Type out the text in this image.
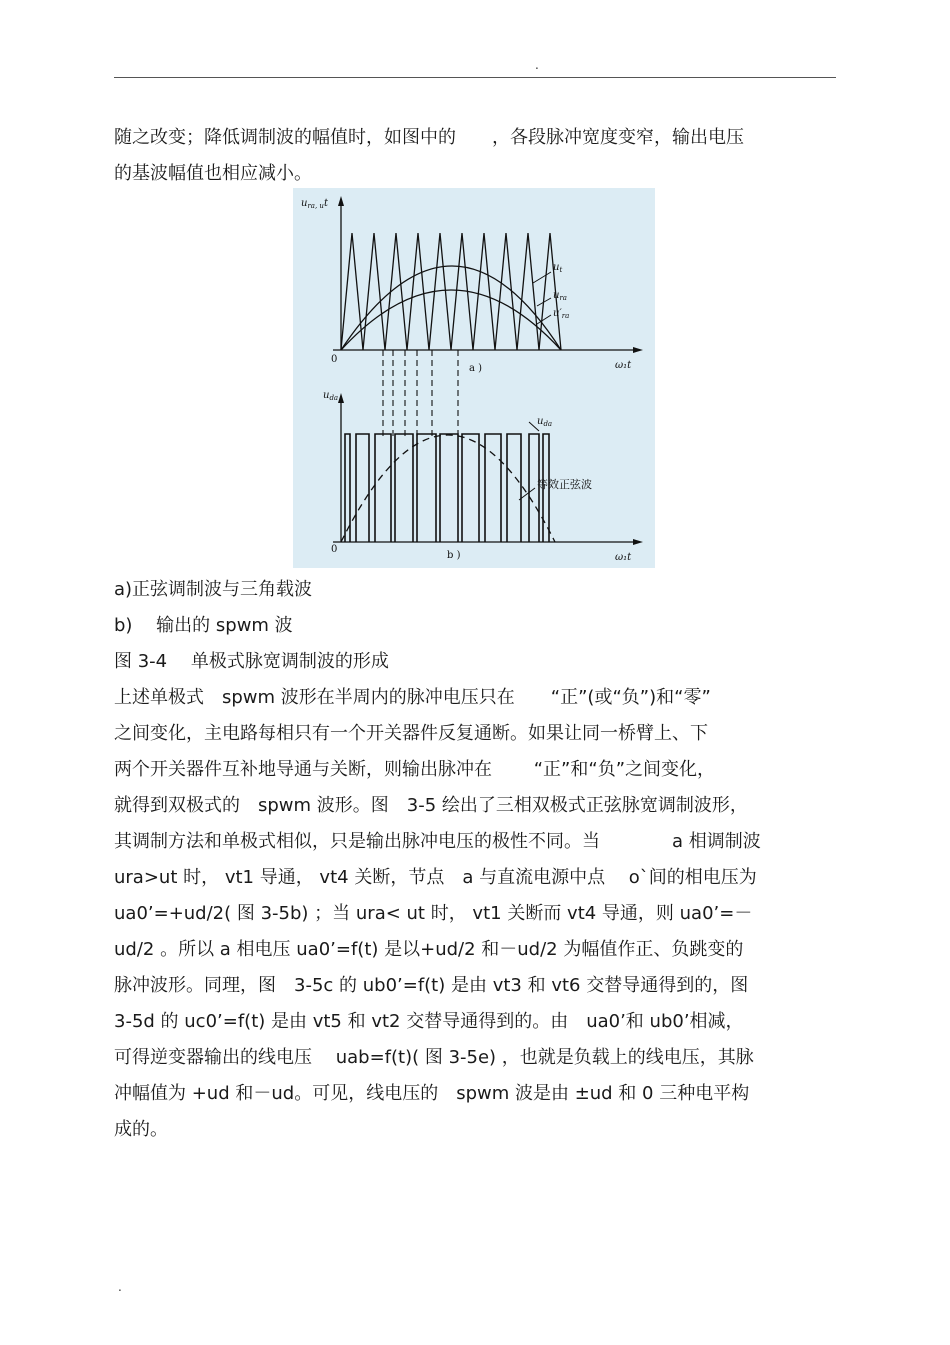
.
随之改变；降低调制波的幅值时，如图中的　　，各段脉冲宽度变窄，输出电压
的基波幅值也相应减小。
$u_{ra, u}t$
$u_t$
$u_{ra}$
$u'_{ra}$
0
ω₁t
a )
$u_{da}$
$u_{da}$
等效正弦波
0
ω₁t
b )
a)正弦调制波与三角载波
b)　 输出的 spwm 波
图 3-4　 单极式脉宽调制波的形成
上述单极式　spwm 波形在半周内的脉冲电压只在　　“正”(或“负”)和“零”
之间变化，主电路每相只有一个开关器件反复通断。如果让同一桥臂上、下
两个开关器件互补地导通与关断，则输出脉冲在　　 “正”和“负”之间变化，
就得到双极式的　spwm 波形。图　3-5 绘出了三相双极式正弦脉宽调制波形，
其调制方法和单极式相似，只是输出脉冲电压的极性不同。当　　　　a 相调制波
ura>ut 时， vt1 导通， vt4 关断，节点　a 与直流电源中点　 o`间的相电压为
ua0’=+ud/2( 图 3-5b) ；当 ura< ut 时， vt1 关断而 vt4 导通，则 ua0’=－
ud/2 。所以 a 相电压 ua0’=f(t) 是以+ud/2 和－ud/2 为幅值作正、负跳变的
脉冲波形。同理，图　3-5c 的 ub0’=f(t) 是由 vt3 和 vt6 交替导通得到的，图
3-5d 的 uc0’=f(t) 是由 vt5 和 vt2 交替导通得到的。由　ua0’和 ub0’相减，
可得逆变器输出的线电压　 uab=f(t)( 图 3-5e) ，也就是负载上的线电压，其脉
冲幅值为 +ud 和－ud。可见，线电压的　spwm 波是由 ±ud 和 0 三种电平构
成的。
.
